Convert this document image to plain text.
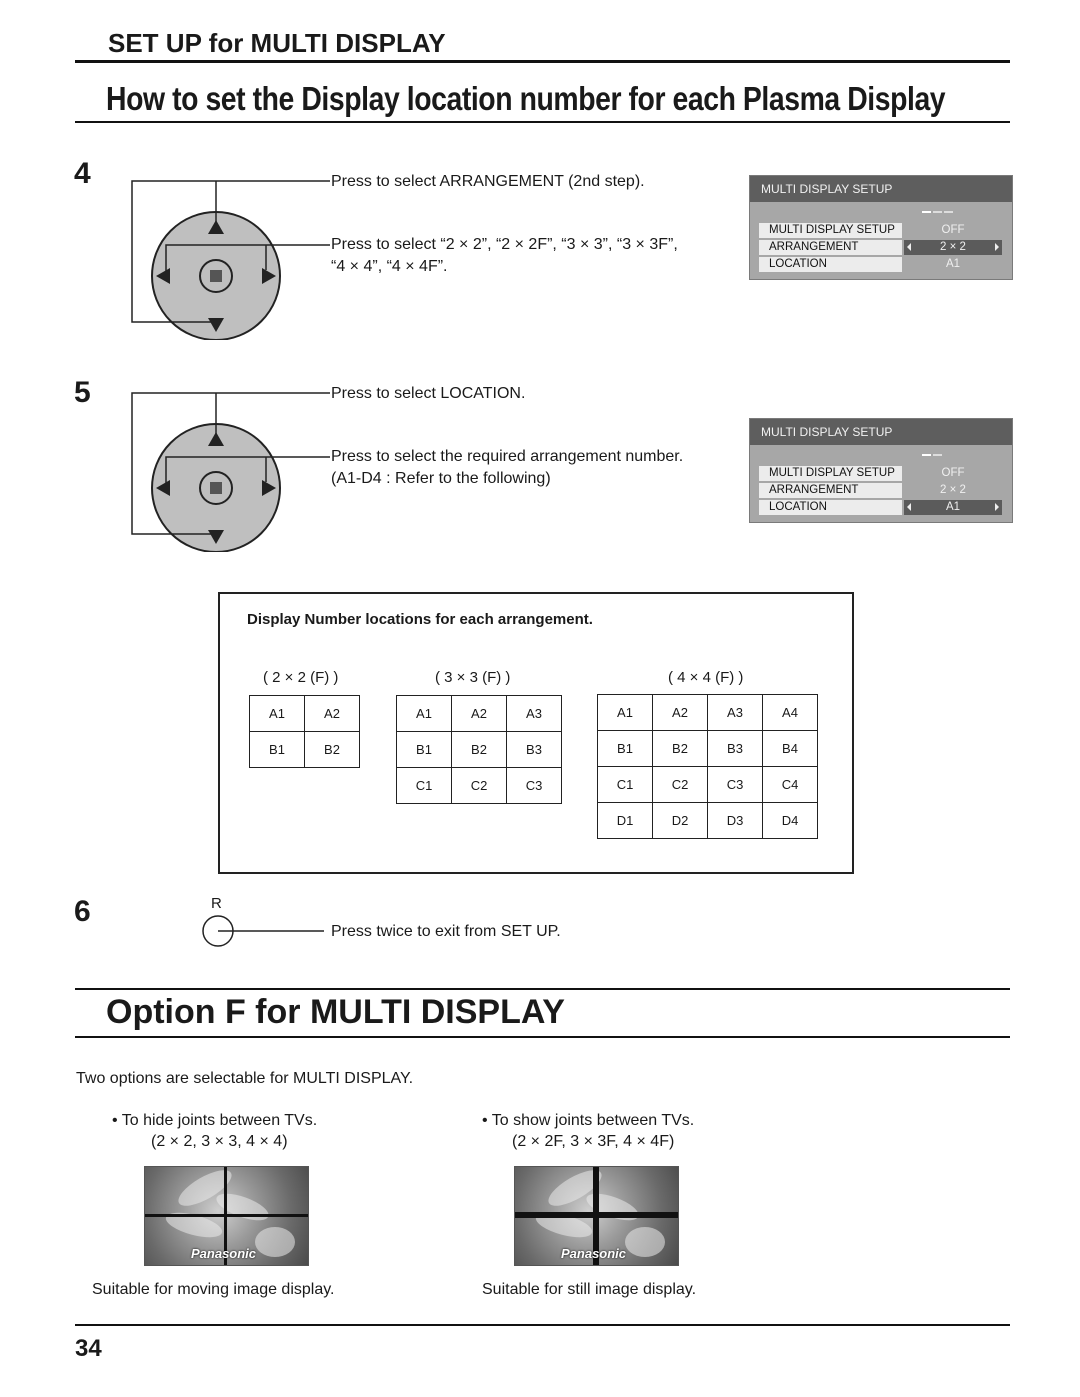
SET UP for MULTI DISPLAY
How to set the Display location number for each Plasma Display
4	Press to select ARRANGEMENT (2nd step).
Press to select “2 × 2”, “2 × 2F”, “3 × 3”, “3 × 3F”,
“4 × 4”, “4 × 4F”.
MULTI DISPLAY SETUP
MULTI DISPLAY SETUP	OFF
ARRANGEMENT	2 × 2
LOCATION	A1
5	Press to select LOCATION.
Press to select the required arrangement number.
(A1-D4 : Refer to the following)
MULTI DISPLAY SETUP
MULTI DISPLAY SETUP	OFF
ARRANGEMENT	2 × 2
LOCATION	A1
Display Number locations for each arrangement.
( 2 × 2 (F) )	( 3 × 3 (F) )	( 4 × 4 (F) )
A1	A2
B1	B2
A1	A2	A3
B1	B2	B3
C1	C2	C3
A1	A2	A3	A4
B1	B2	B3	B4
C1	C2	C3	C4
D1	D2	D3	D4
6	R
Press twice to exit from SET UP.
Option F for MULTI DISPLAY
Two options are selectable for MULTI DISPLAY.
• To hide joints between TVs.
(2 × 2, 3 × 3, 4 × 4)
• To show joints between TVs.
(2 × 2F, 3 × 3F, 4 × 4F)
Panasonic	Panasonic
Suitable for moving image display.	Suitable for still image display.
34
